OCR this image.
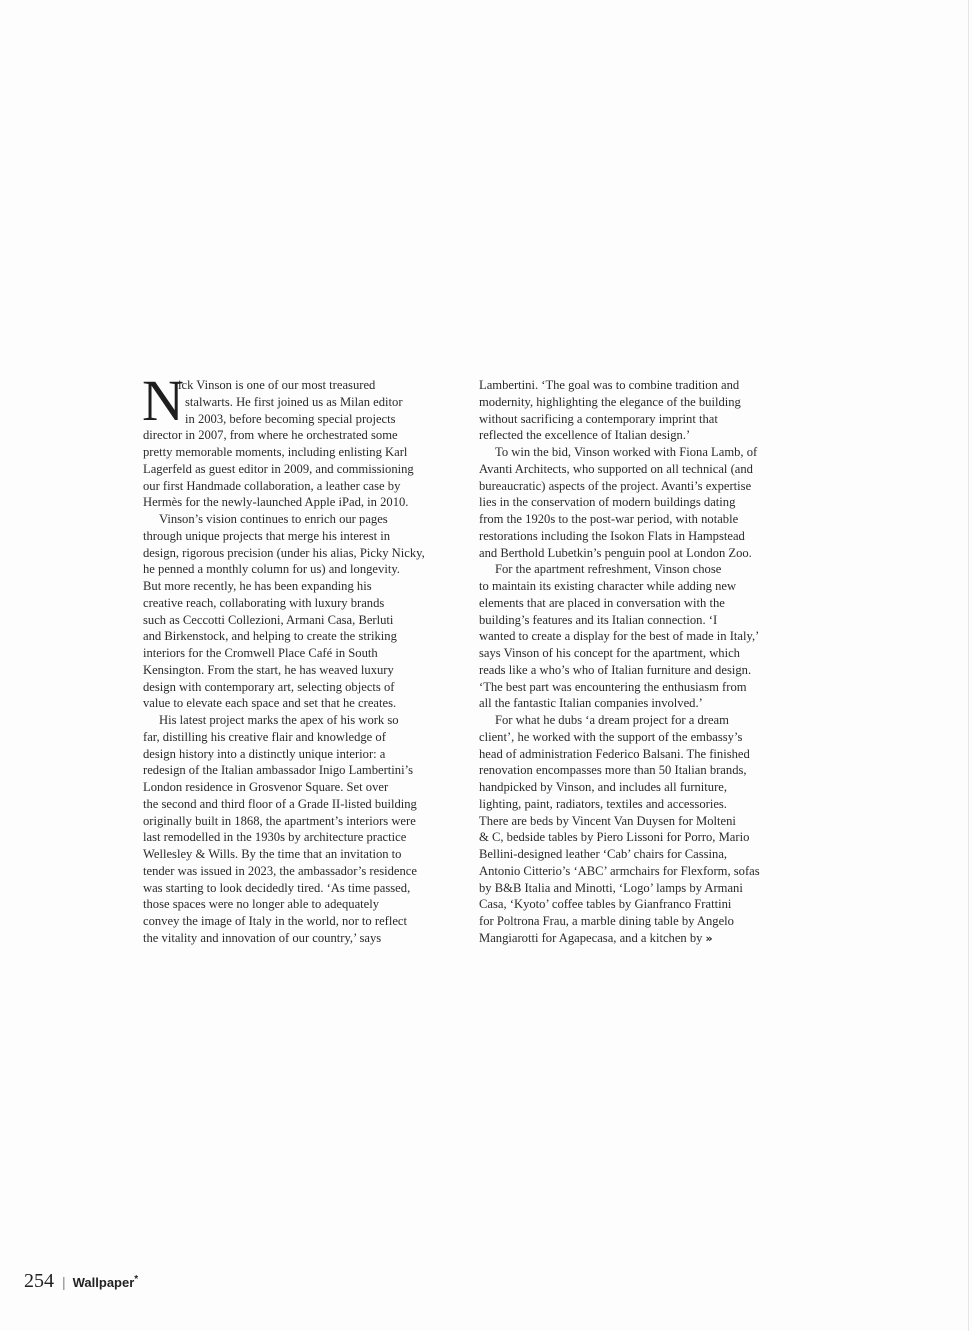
N
ick Vinson is one of our most treasured
stalwarts. He first joined us as Milan editor
in 2003, before becoming special projects
director in 2007, from where he orchestrated some
pretty memorable moments, including enlisting Karl
Lagerfeld as guest editor in 2009, and commissioning
our first Handmade collaboration, a leather case by
Hermès for the newly-launched Apple iPad, in 2010.
Vinson’s vision continues to enrich our pages
through unique projects that merge his interest in
design, rigorous precision (under his alias, Picky Nicky,
he penned a monthly column for us) and longevity.
But more recently, he has been expanding his
creative reach, collaborating with luxury brands
such as Ceccotti Collezioni, Armani Casa, Berluti
and Birkenstock, and helping to create the striking
interiors for the Cromwell Place Café in South
Kensington. From the start, he has weaved luxury
design with contemporary art, selecting objects of
value to elevate each space and set that he creates.
His latest project marks the apex of his work so
far, distilling his creative flair and knowledge of
design history into a distinctly unique interior: a
redesign of the Italian ambassador Inigo Lambertini’s
London residence in Grosvenor Square. Set over
the second and third floor of a Grade II-listed building
originally built in 1868, the apartment’s interiors were
last remodelled in the 1930s by architecture practice
Wellesley & Wills. By the time that an invitation to
tender was issued in 2023, the ambassador’s residence
was starting to look decidedly tired. ‘As time passed,
those spaces were no longer able to adequately
convey the image of Italy in the world, nor to reflect
the vitality and innovation of our country,’ says
Lambertini. ‘The goal was to combine tradition and
modernity, highlighting the elegance of the building
without sacrificing a contemporary imprint that
reflected the excellence of Italian design.’
To win the bid, Vinson worked with Fiona Lamb, of
Avanti Architects, who supported on all technical (and
bureaucratic) aspects of the project. Avanti’s expertise
lies in the conservation of modern buildings dating
from the 1920s to the post-war period, with notable
restorations including the Isokon Flats in Hampstead
and Berthold Lubetkin’s penguin pool at London Zoo.
For the apartment refreshment, Vinson chose
to maintain its existing character while adding new
elements that are placed in conversation with the
building’s features and its Italian connection. ‘I
wanted to create a display for the best of made in Italy,’
says Vinson of his concept for the apartment, which
reads like a who’s who of Italian furniture and design.
‘The best part was encountering the enthusiasm from
all the fantastic Italian companies involved.’
For what he dubs ‘a dream project for a dream
client’, he worked with the support of the embassy’s
head of administration Federico Balsani. The finished
renovation encompasses more than 50 Italian brands,
handpicked by Vinson, and includes all furniture,
lighting, paint, radiators, textiles and accessories.
There are beds by Vincent Van Duysen for Molteni
& C, bedside tables by Piero Lissoni for Porro, Mario
Bellini-designed leather ‘Cab’ chairs for Cassina,
Antonio Citterio’s ‘ABC’ armchairs for Flexform, sofas
by B&B Italia and Minotti, ‘Logo’ lamps by Armani
Casa, ‘Kyoto’ coffee tables by Gianfranco Frattini
for Poltrona Frau, a marble dining table by Angelo
Mangiarotti for Agapecasa, and a kitchen by »
254 | Wallpaper *
